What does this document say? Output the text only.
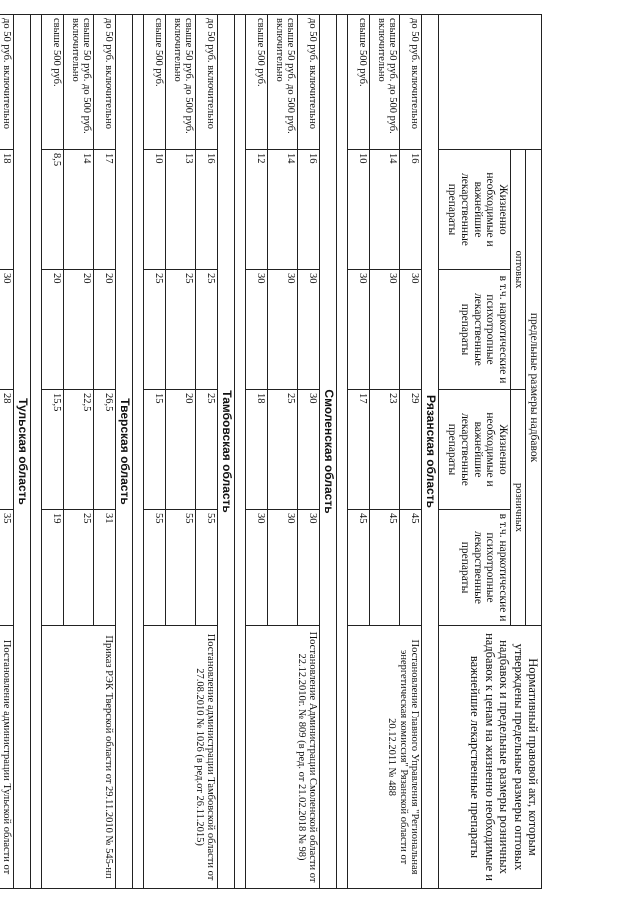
	предельные размеры надбавок				Нормативный правовой акт, которым утверждены предельные размеры оптовых надбавок и предельные размеры розничных надбавок к ценам на жизненно необходимые и важнейшие лекарственные препараты
	оптовых		розничных		
	Жизненно необходимые и важнейшие лекарственные препараты	в т.ч. наркотические и психотропные лекарственные препараты	Жизненно необходимые и важнейшие лекарственные препараты	в т.ч. наркотические и психотропные лекарственные препараты	
Рязанская область					
до 50 руб. включительно	16	30	29	45	Постановление Главного Управления "Региональная энергетическая комиссия" Рязанской области от 20.12.2011 № 488
свыше 50 руб. до 500 руб. включительно	14	30	23	45	
свыше 500 руб.	10	30	17	45	

Смоленская область					
до 50 руб. включительно	16	30	30	30	Постановление Администрации Смоленской области от 22.12.2010г. № 809 (в ред. от 21.02.2018 № 98)
свыше 50 руб. до 500 руб. включительно	14	30	25	30	
свыше 500 руб.	12	30	18	30	

Тамбовская область					
до 50 руб. включительно	16	25	25	55	Постановление администрации Тамбовской области от 27.08.2010 № 1026 (в ред.от 26.11.2015)
свыше 50 руб. до 500 руб. включительно	13	25	20	55	
свыше 500 руб.	10	25	15	55	

Тверская область					
до 50 руб. включительно	17	20	26,5	31	Приказ РЭК Тверской области от 29.11.2010 № 545-нп
свыше 50 руб. до 500 руб. включительно	14	20	22,5	25	
свыше 500 руб.	8,5	20	15,5	19	

Тульская область					
до 50 руб. включительно	18	30	28	35	Постановление администрации Тульской области от
